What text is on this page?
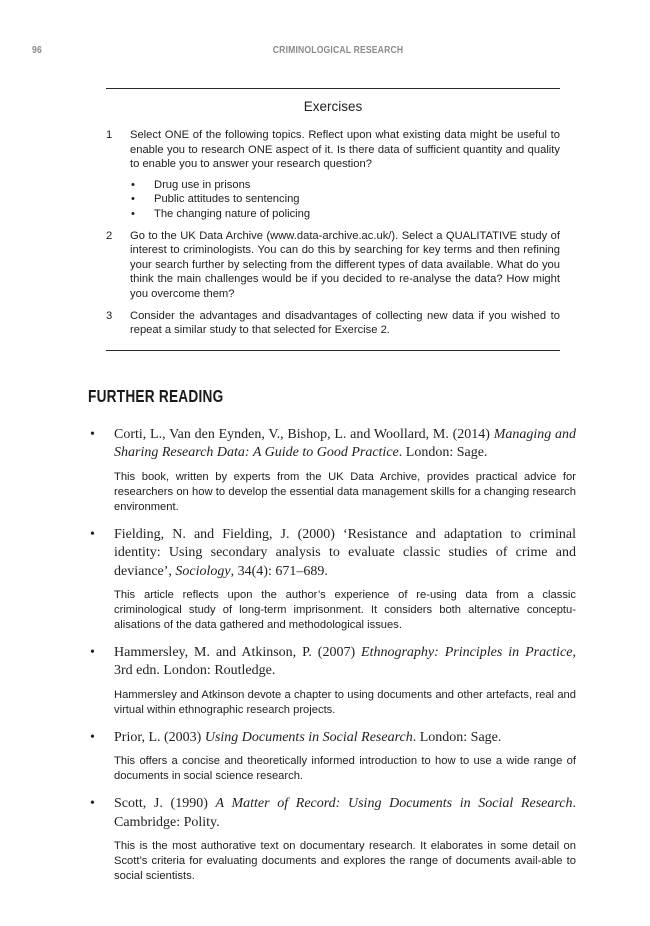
96	CRIMINOLOGICAL RESEARCH
Exercises
1 Select ONE of the following topics. Reflect upon what existing data might be useful to enable you to research ONE aspect of it. Is there data of sufficient quantity and quality to enable you to answer your research question?
• Drug use in prisons
• Public attitudes to sentencing
• The changing nature of policing
2 Go to the UK Data Archive (www.data-archive.ac.uk/). Select a QUALITATIVE study of interest to criminologists. You can do this by searching for key terms and then refining your search further by selecting from the different types of data available. What do you think the main challenges would be if you decided to re-analyse the data? How might you overcome them?
3 Consider the advantages and disadvantages of collecting new data if you wished to repeat a similar study to that selected for Exercise 2.
FURTHER READING
• Corti, L., Van den Eynden, V., Bishop, L. and Woollard, M. (2014) Managing and Sharing Research Data: A Guide to Good Practice. London: Sage.
This book, written by experts from the UK Data Archive, provides practical advice for researchers on how to develop the essential data management skills for a changing research environment.
• Fielding, N. and Fielding, J. (2000) ‘Resistance and adaptation to criminal identity: Using secondary analysis to evaluate classic studies of crime and deviance’, Sociology, 34(4): 671–689.
This article reflects upon the author’s experience of re-using data from a classic criminological study of long-term imprisonment. It considers both alternative conceptu-alisations of the data gathered and methodological issues.
• Hammersley, M. and Atkinson, P. (2007) Ethnography: Principles in Practice, 3rd edn. London: Routledge.
Hammersley and Atkinson devote a chapter to using documents and other artefacts, real and virtual within ethnographic research projects.
• Prior, L. (2003) Using Documents in Social Research. London: Sage.
This offers a concise and theoretically informed introduction to how to use a wide range of documents in social science research.
• Scott, J. (1990) A Matter of Record: Using Documents in Social Research. Cambridge: Polity.
This is the most authorative text on documentary research. It elaborates in some detail on Scott’s criteria for evaluating documents and explores the range of documents avail-able to social scientists.
